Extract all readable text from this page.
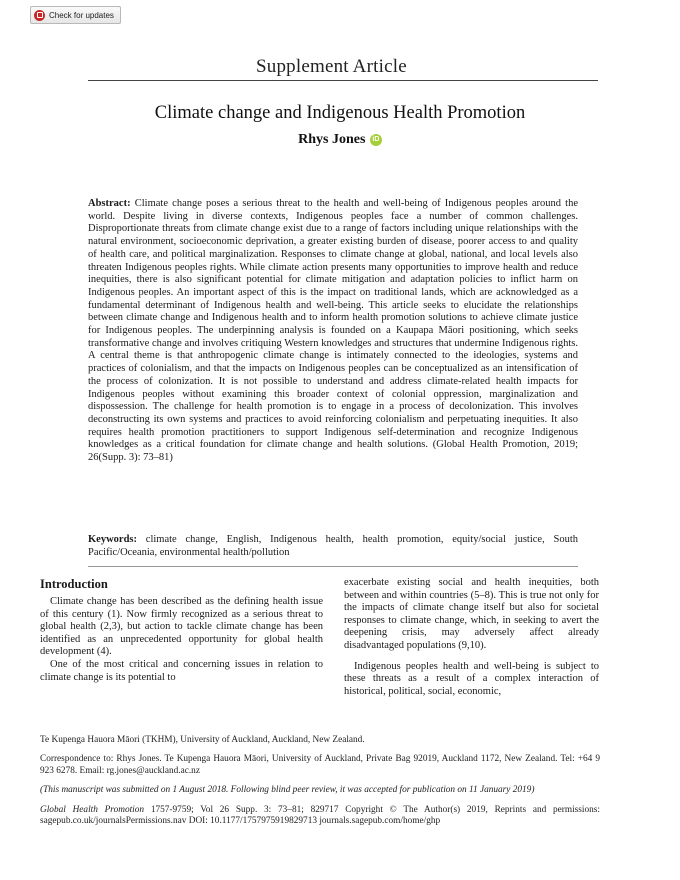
Check for updates
Supplement Article
Climate change and Indigenous Health Promotion
Rhys Jones iD

Abstract: Climate change poses a serious threat to the health and well-being of Indigenous peoples around the world. Despite living in diverse contexts, Indigenous peoples face a number of common challenges. Disproportionate threats from climate change exist due to a range of factors including unique relationships with the natural environment, socioeconomic deprivation, a greater existing burden of disease, poorer access to and quality of health care, and political marginalization. Responses to climate change at global, national, and local levels also threaten Indigenous peoples rights. While climate action presents many opportunities to improve health and reduce inequities, there is also significant potential for climate mitigation and adaptation policies to inflict harm on Indigenous peoples. An important aspect of this is the impact on traditional lands, which are acknowledged as a fundamental determinant of Indigenous health and well-being. This article seeks to elucidate the relationships between climate change and Indigenous health and to inform health promotion solutions to achieve climate justice for Indigenous peoples. The underpinning analysis is founded on a Kaupapa Māori positioning, which seeks transformative change and involves critiquing Western knowledges and structures that undermine Indigenous rights. A central theme is that anthropogenic climate change is intimately connected to the ideologies, systems and practices of colonialism, and that the impacts on Indigenous peoples can be conceptualized as an intensification of the process of colonization. It is not possible to understand and address climate-related health impacts for Indigenous peoples without examining this broader context of colonial oppression, marginalization and dispossession. The challenge for health promotion is to engage in a process of decolonization. This involves deconstructing its own systems and practices to avoid reinforcing colonialism and perpetuating inequities. It also requires health promotion practitioners to support Indigenous self-determination and recognize Indigenous knowledges as a critical foundation for climate change and health solutions. (Global Health Promotion, 2019; 26(Supp. 3): 73–81)

Keywords: climate change, English, Indigenous health, health promotion, equity/social justice, South Pacific/Oceania, environmental health/pollution

Introduction

Climate change has been described as the defining health issue of this century (1). Now firmly recognized as a serious threat to global health (2,3), but action to tackle climate change has been identified as an unprecedented opportunity for global health development (4).

One of the most critical and concerning issues in relation to climate change is its potential to

exacerbate existing social and health inequities, both between and within countries (5–8). This is true not only for the impacts of climate change itself but also for societal responses to climate change, which, in seeking to avert the deepening crisis, may adversely affect already disadvantaged populations (9,10).

Indigenous peoples health and well-being is subject to these threats as a result of a complex interaction of historical, political, social, economic,

Te Kupenga Hauora Māori (TKHM), University of Auckland, Auckland, New Zealand.

Correspondence to: Rhys Jones. Te Kupenga Hauora Māori, University of Auckland, Private Bag 92019, Auckland 1172, New Zealand. Tel: +64 9 923 6278. Email: rg.jones@auckland.ac.nz

(This manuscript was submitted on 1 August 2018. Following blind peer review, it was accepted for publication on 11 January 2019)

Global Health Promotion 1757-9759; Vol 26 Supp. 3: 73–81; 829717 Copyright © The Author(s) 2019, Reprints and permissions: sagepub.co.uk/journalsPermissions.nav DOI: 10.1177/1757975919829713 journals.sagepub.com/home/ghp
